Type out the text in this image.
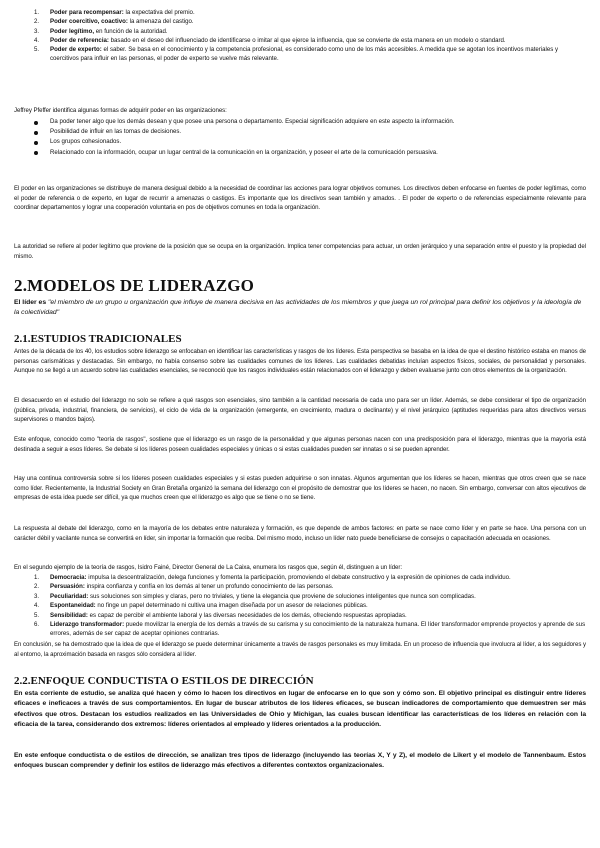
1. Poder para recompensar: la expectativa del premio.
2. Poder coercitivo, coactivo: la amenaza del castigo.
3. Poder legítimo, en función de la autoridad.
4. Poder de referencia: basado en el deseo del influenciado de identificarse o imitar al que ejerce la influencia, que se convierte de esta manera en un modelo o standard.
5. Poder de experto: el saber. Se basa en el conocimiento y la competencia profesional, es considerado como uno de los más accesibles. A medida que se agotan los incentivos materiales y coercitivos para influir en las personas, el poder de experto se vuelve más relevante.
Jeffrey Pfeffer identifica algunas formas de adquirir poder en las organizaciones:
Da poder tener algo que los demás desean y que posee una persona o departamento. Especial significación adquiere en este aspecto la información.
Posibilidad de influir en las tomas de decisiones.
Los grupos cohesionados.
Relacionado con la información, ocupar un lugar central de la comunicación en la organización, y poseer el arte de la comunicación persuasiva.
El poder en las organizaciones se distribuye de manera desigual debido a la necesidad de coordinar las acciones para lograr objetivos comunes. Los directivos deben enfocarse en fuentes de poder legítimas, como el poder de referencia o de experto, en lugar de recurrir a amenazas o castigos. Es importante que los directivos sean también y amados. . El poder de experto o de referencias especialmente relevante para coordinar departamentos y lograr una cooperación voluntaria en pos de objetivos comunes en toda la organización.
La autoridad se refiere al poder legítimo que proviene de la posición que se ocupa en la organización. Implica tener competencias para actuar, un orden jerárquico y una separación entre el puesto y la propiedad del mismo.
2.MODELOS DE LIDERAZGO
El líder es "el miembro de un grupo u organización que influye de manera decisiva en las actividades de los miembros y que juega un rol principal para definir los objetivos y la ideología de la colectividad"
2.1.ESTUDIOS TRADICIONALES
Antes de la década de los 40, los estudios sobre liderazgo se enfocaban en identificar las características y rasgos de los líderes. Esta perspectiva se basaba en la idea de que el destino histórico estaba en manos de personas carismáticas y destacadas. Sin embargo, no había consenso sobre las cualidades comunes de los líderes. Las cualidades debatidas incluían aspectos físicos, sociales, de personalidad y personales. Aunque no se llegó a un acuerdo sobre las cualidades esenciales, se reconoció que los rasgos individuales están relacionados con el liderazgo y deben evaluarse junto con otros elementos de la organización.
El desacuerdo en el estudio del liderazgo no solo se refiere a qué rasgos son esenciales, sino también a la cantidad necesaria de cada uno para ser un líder. Además, se debe considerar el tipo de organización (pública, privada, industrial, financiera, de servicios), el ciclo de vida de la organización (emergente, en crecimiento, madura o declinante) y el nivel jerárquico (aptitudes requeridas para altos directivos versus supervisores o mandos bajos).
Este enfoque, conocido como "teoría de rasgos", sostiene que el liderazgo es un rasgo de la personalidad y que algunas personas nacen con una predisposición para el liderazgo, mientras que la mayoría está destinada a seguir a esos líderes. Se debate si los líderes poseen cualidades especiales y únicas o si estas cualidades pueden ser innatas o si se pueden aprender.
Hay una continua controversia sobre si los líderes poseen cualidades especiales y si estas pueden adquirirse o son innatas. Algunos argumentan que los líderes se hacen, mientras que otros creen que se nace como líder. Recientemente, la Industrial Society en Gran Bretaña organizó la semana del liderazgo con el propósito de demostrar que los líderes se hacen, no nacen. Sin embargo, conversar con altos ejecutivos de empresas de esta idea puede ser difícil, ya que muchos creen que el liderazgo es algo que se tiene o no se tiene.
La respuesta al debate del liderazgo, como en la mayoría de los debates entre naturaleza y formación, es que depende de ambos factores: en parte se nace como líder y en parte se hace. Una persona con un carácter débil y vacilante nunca se convertirá en líder, sin importar la formación que reciba. Del mismo modo, incluso un líder nato puede beneficiarse de consejos o capacitación adecuada en ocasiones.
En el segundo ejemplo de la teoría de rasgos, Isidro Fainé, Director General de La Caixa, enumera los rasgos que, según él, distinguen a un líder:
1. Democracia: impulsa la descentralización, delega funciones y fomenta la participación, promoviendo el debate constructivo y la expresión de opiniones de cada individuo.
2. Persuasión: inspira confianza y confía en los demás al tener un profundo conocimiento de las personas.
3. Peculiaridad: sus soluciones son simples y claras, pero no triviales, y tiene la elegancia que proviene de soluciones inteligentes que nunca son complicadas.
4. Espontaneidad: no finge un papel determinado ni cultiva una imagen diseñada por un asesor de relaciones públicas.
5. Sensibilidad: es capaz de percibir el ambiente laboral y las diversas necesidades de los demás, ofreciendo respuestas apropiadas.
6. Liderazgo transformador: puede movilizar la energía de los demás a través de su carisma y su conocimiento de la naturaleza humana. El líder transformador emprende proyectos y aprende de sus errores, además de ser capaz de aceptar opiniones contrarias.
En conclusión, se ha demostrado que la idea de que el liderazgo se puede determinar únicamente a través de rasgos personales es muy limitada. En un proceso de influencia que involucra al líder, a los seguidores y al entorno, la aproximación basada en rasgos sólo considera al líder.
2.2.ENFOQUE CONDUCTISTA O ESTILOS DE DIRECCIÓN
En esta corriente de estudio, se analiza qué hacen y cómo lo hacen los directivos en lugar de enfocarse en lo que son y cómo son. El objetivo principal es distinguir entre líderes eficaces e ineficaces a través de sus comportamientos. En lugar de buscar atributos de los líderes eficaces, se buscan indicadores de comportamiento que demuestren ser más efectivos que otros. Destacan los estudios realizados en las Universidades de Ohio y Michigan, las cuales buscan identificar las características de los líderes en relación con la eficacia de la tarea, considerando dos extremos: líderes orientados al empleado y líderes orientados a la producción.
En este enfoque conductista o de estilos de dirección, se analizan tres tipos de liderazgo (incluyendo las teorías X, Y y Z), el modelo de Likert y el modelo de Tannenbaum. Estos enfoques buscan comprender y definir los estilos de liderazgo más efectivos a diferentes contextos organizacionales.
